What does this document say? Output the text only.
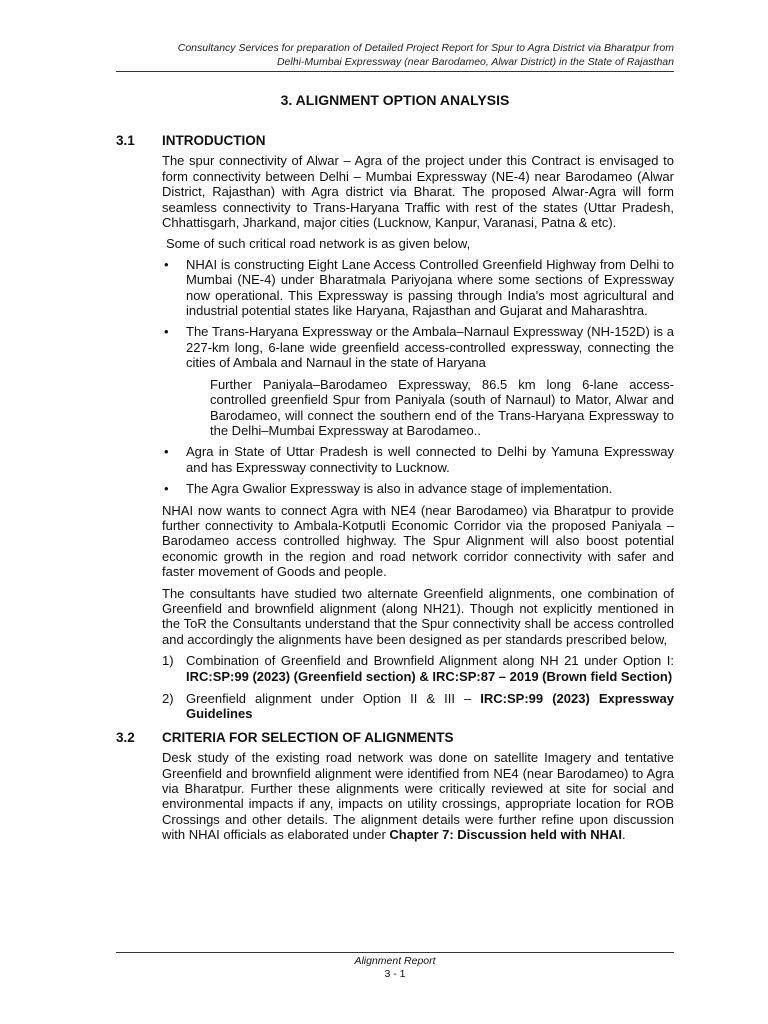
Consultancy Services for preparation of Detailed Project Report for Spur to Agra District via Bharatpur from
Delhi-Mumbai Expressway (near Barodameo, Alwar District) in the State of Rajasthan
3. ALIGNMENT OPTION ANALYSIS
3.1	INTRODUCTION

The spur connectivity of Alwar – Agra of the project under this Contract is envisaged to form connectivity between Delhi – Mumbai Expressway (NE-4) near Barodameo (Alwar District, Rajasthan) with Agra district via Bharat. The proposed Alwar-Agra will form seamless connectivity to Trans-Haryana Traffic with rest of the states (Uttar Pradesh, Chhattisgarh, Jharkand, major cities (Lucknow, Kanpur, Varanasi, Patna & etc).

Some of such critical road network is as given below,

• NHAI is constructing Eight Lane Access Controlled Greenfield Highway from Delhi to Mumbai (NE-4) under Bharatmala Pariyojana where some sections of Expressway now operational. This Expressway is passing through India's most agricultural and industrial potential states like Haryana, Rajasthan and Gujarat and Maharashtra.
• The Trans-Haryana Expressway or the Ambala–Narnaul Expressway (NH-152D) is a 227-km long, 6-lane wide greenfield access-controlled expressway, connecting the cities of Ambala and Narnaul in the state of Haryana

Further Paniyala–Barodameo Expressway, 86.5 km long 6-lane access-controlled greenfield Spur from Paniyala (south of Narnaul) to Mator, Alwar and Barodameo, will connect the southern end of the Trans-Haryana Expressway to the Delhi–Mumbai Expressway at Barodameo..

• Agra in State of Uttar Pradesh is well connected to Delhi by Yamuna Expressway and has Expressway connectivity to Lucknow.
• The Agra Gwalior Expressway is also in advance stage of implementation.

NHAI now wants to connect Agra with NE4 (near Barodameo) via Bharatpur to provide further connectivity to Ambala-Kotputli Economic Corridor via the proposed Paniyala – Barodameo access controlled highway. The Spur Alignment will also boost potential economic growth in the region and road network corridor connectivity with safer and faster movement of Goods and people.

The consultants have studied two alternate Greenfield alignments, one combination of Greenfield and brownfield alignment (along NH21). Though not explicitly mentioned in the ToR the Consultants understand that the Spur connectivity shall be access controlled and accordingly the alignments have been designed as per standards prescribed below,

1) Combination of Greenfield and Brownfield Alignment along NH 21 under Option I: IRC:SP:99 (2023) (Greenfield section) & IRC:SP:87 – 2019 (Brown field Section)
2) Greenfield alignment under Option II & III – IRC:SP:99 (2023) Expressway Guidelines
3.2	CRITERIA FOR SELECTION OF ALIGNMENTS

Desk study of the existing road network was done on satellite Imagery and tentative Greenfield and brownfield alignment were identified from NE4 (near Barodameo) to Agra via Bharatpur. Further these alignments were critically reviewed at site for social and environmental impacts if any, impacts on utility crossings, appropriate location for ROB Crossings and other details. The alignment details were further refine upon discussion with NHAI officials as elaborated under Chapter 7: Discussion held with NHAI.

Alignment Report
3 - 1
